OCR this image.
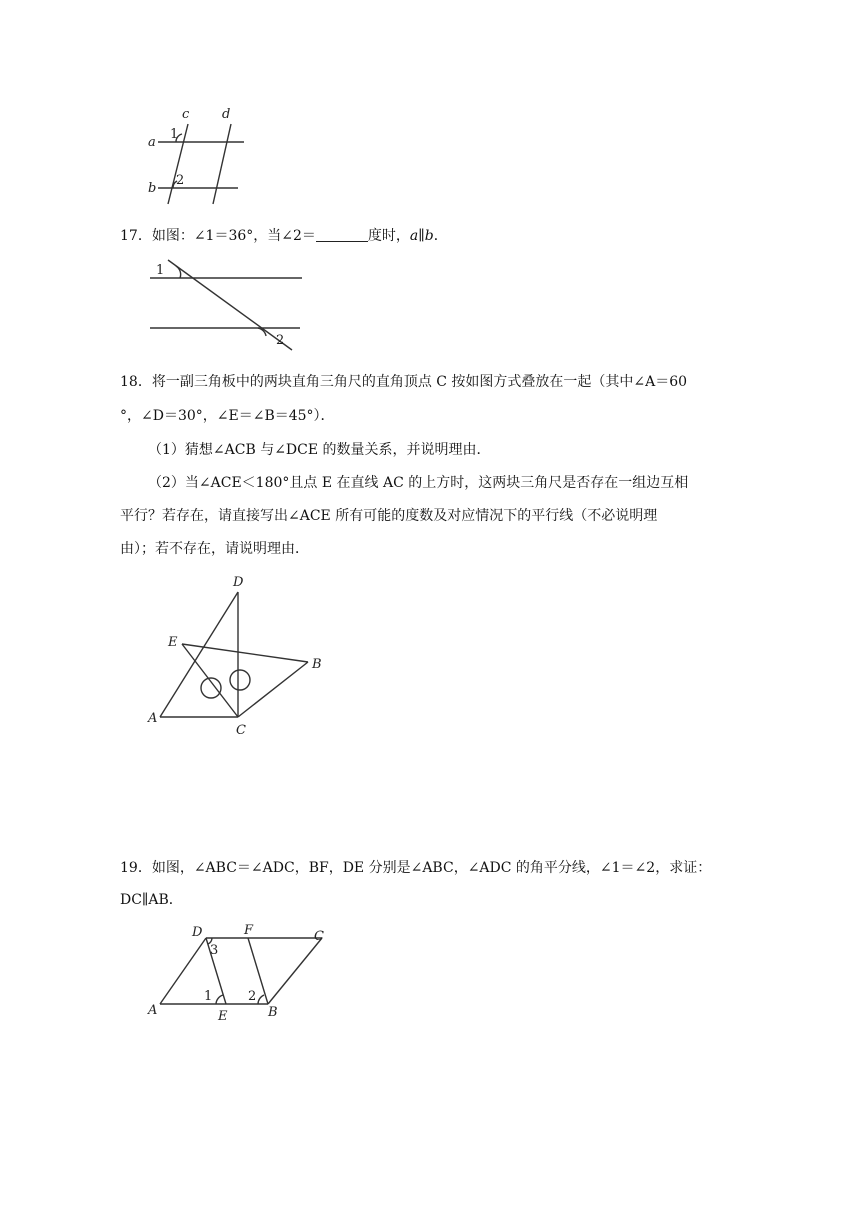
c	d
a
b
1
2
17．如图：∠1＝36°，当∠2＝	度时，a∥b．
1
2
18．将一副三角板中的两块直角三角尺的直角顶点 C 按如图方式叠放在一起（其中∠A＝60
°，∠D＝30°，∠E＝∠B＝45°）．
（1）猜想∠ACB 与∠DCE 的数量关系，并说明理由．
（2）当∠ACE＜180°且点 E 在直线 AC 的上方时，这两块三角尺是否存在一组边互相
平行？若存在，请直接写出∠ACE 所有可能的度数及对应情况下的平行线（不必说明理
由）；若不存在，请说明理由．
D
E
B
A
C
19．如图，∠ABC＝∠ADC，BF，DE 分别是∠ABC，∠ADC 的角平分线，∠1＝∠2，求证：
DC∥AB．
D	F	C
A	E	B
1	2
3
